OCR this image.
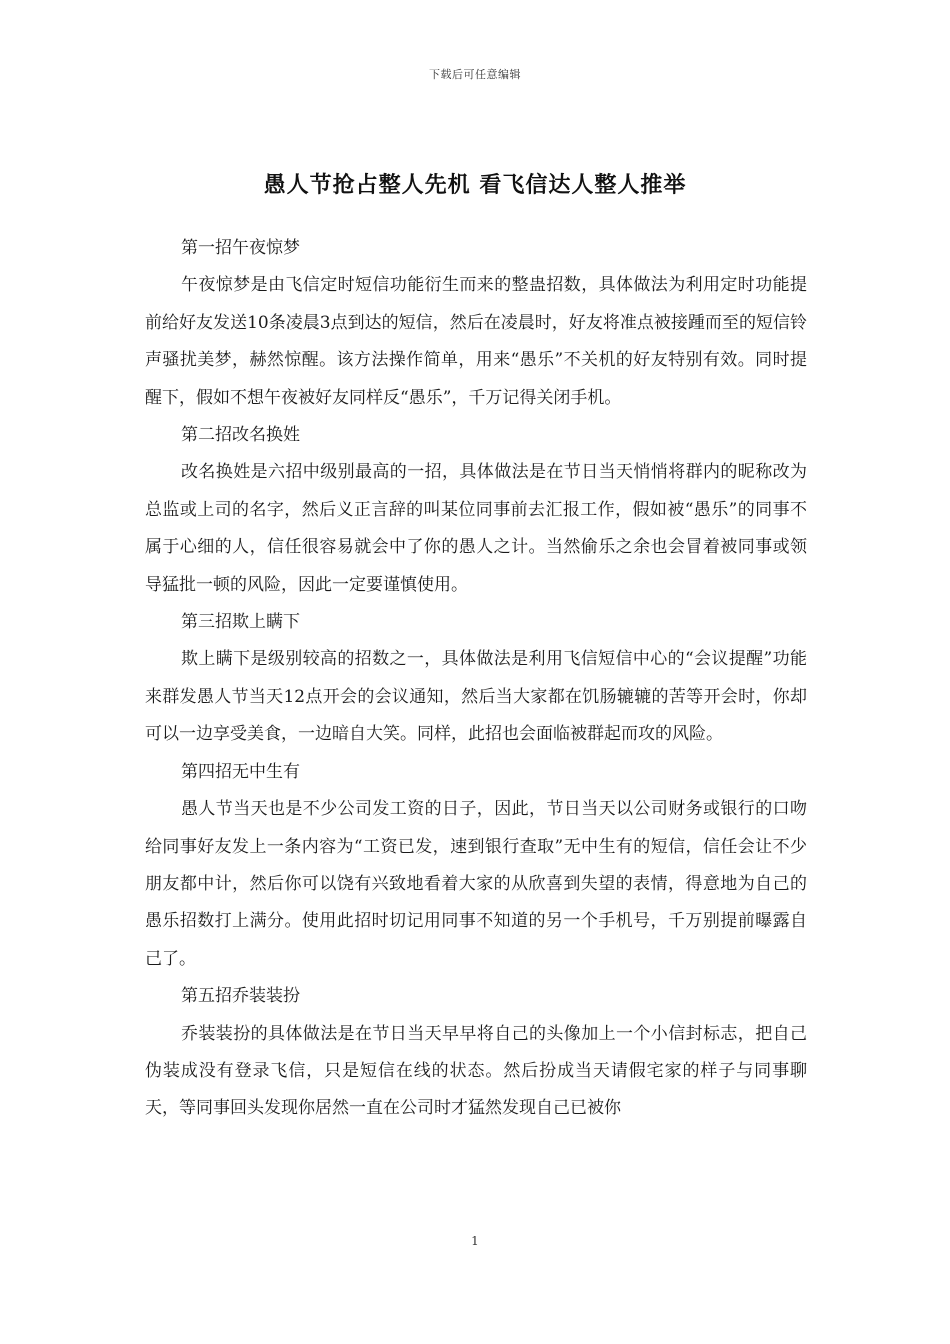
下载后可任意编辑
愚人节抢占整人先机 看飞信达人整人推举

第一招午夜惊梦

午夜惊梦是由飞信定时短信功能衍生而来的整蛊招数，具体做法为利用定时功能提前给好友发送10条凌晨3点到达的短信，然后在凌晨时，好友将准点被接踵而至的短信铃声骚扰美梦，赫然惊醒。该方法操作简单，用来“愚乐”不关机的好友特别有效。同时提醒下，假如不想午夜被好友同样反“愚乐”，千万记得关闭手机。

第二招改名换姓

改名换姓是六招中级别最高的一招，具体做法是在节日当天悄悄将群内的昵称改为总监或上司的名字，然后义正言辞的叫某位同事前去汇报工作，假如被“愚乐”的同事不属于心细的人，信任很容易就会中了你的愚人之计。当然偷乐之余也会冒着被同事或领导猛批一顿的风险，因此一定要谨慎使用。

第三招欺上瞒下

欺上瞒下是级别较高的招数之一，具体做法是利用飞信短信中心的“会议提醒”功能来群发愚人节当天12点开会的会议通知，然后当大家都在饥肠辘辘的苦等开会时，你却可以一边享受美食，一边暗自大笑。同样，此招也会面临被群起而攻的风险。

第四招无中生有

愚人节当天也是不少公司发工资的日子，因此，节日当天以公司财务或银行的口吻给同事好友发上一条内容为“工资已发，速到银行查取”无中生有的短信，信任会让不少朋友都中计，然后你可以饶有兴致地看着大家的从欣喜到失望的表情，得意地为自己的愚乐招数打上满分。使用此招时切记用同事不知道的另一个手机号，千万别提前曝露自己了。

第五招乔装装扮

乔装装扮的具体做法是在节日当天早早将自己的头像加上一个小信封标志，把自己伪装成没有登录飞信，只是短信在线的状态。然后扮成当天请假宅家的样子与同事聊天，等同事回头发现你居然一直在公司时才猛然发现自己已被你

1
